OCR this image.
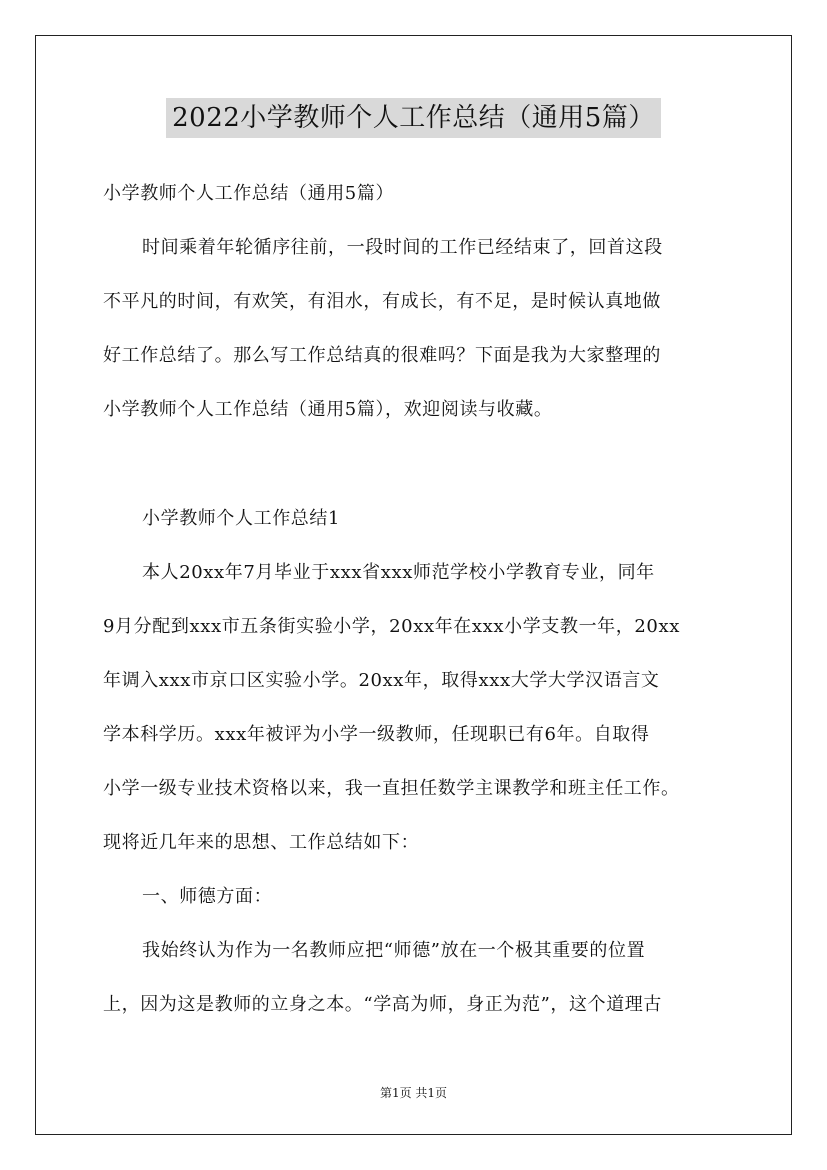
2022小学教师个人工作总结（通用5篇）
小学教师个人工作总结（通用5篇）
时间乘着年轮循序往前，一段时间的工作已经结束了，回首这段
不平凡的时间，有欢笑，有泪水，有成长，有不足，是时候认真地做
好工作总结了。那么写工作总结真的很难吗？下面是我为大家整理的
小学教师个人工作总结（通用5篇），欢迎阅读与收藏。
小学教师个人工作总结1
本人20xx年7月毕业于xxx省xxx师范学校小学教育专业，同年
9月分配到xxx市五条街实验小学，20xx年在xxx小学支教一年，20xx
年调入xxx市京口区实验小学。20xx年，取得xxx大学大学汉语言文
学本科学历。xxx年被评为小学一级教师，任现职已有6年。自取得
小学一级专业技术资格以来，我一直担任数学主课教学和班主任工作。
现将近几年来的思想、工作总结如下：
一、师德方面：
我始终认为作为一名教师应把“师德”放在一个极其重要的位置
上，因为这是教师的立身之本。“学高为师，身正为范”，这个道理古
第1页 共1页
